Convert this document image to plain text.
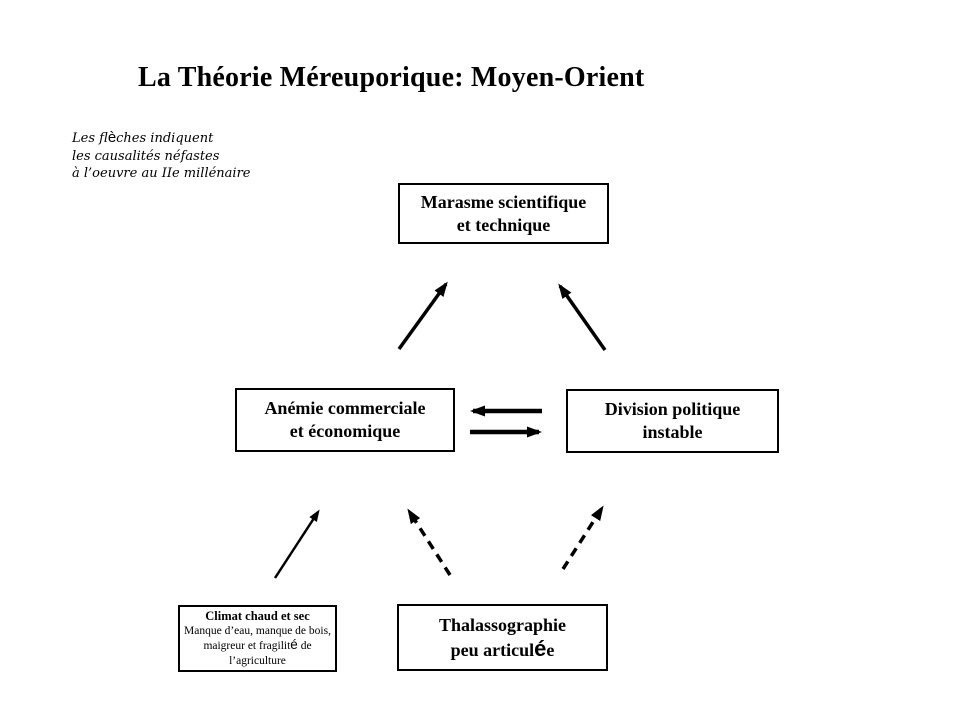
La Théorie Méreuporique: Moyen-Orient
Les flèches indiquent
les causalités néfastes
à l’oeuvre au IIe millénaire
Marasme scientifique
et technique
Anémie commerciale
et économique
Division politique
instable
Climat chaud et sec
Manque d’eau, manque de bois,
maigreur et fragilité de
l’agriculture
Thalassographie
peu articulée
